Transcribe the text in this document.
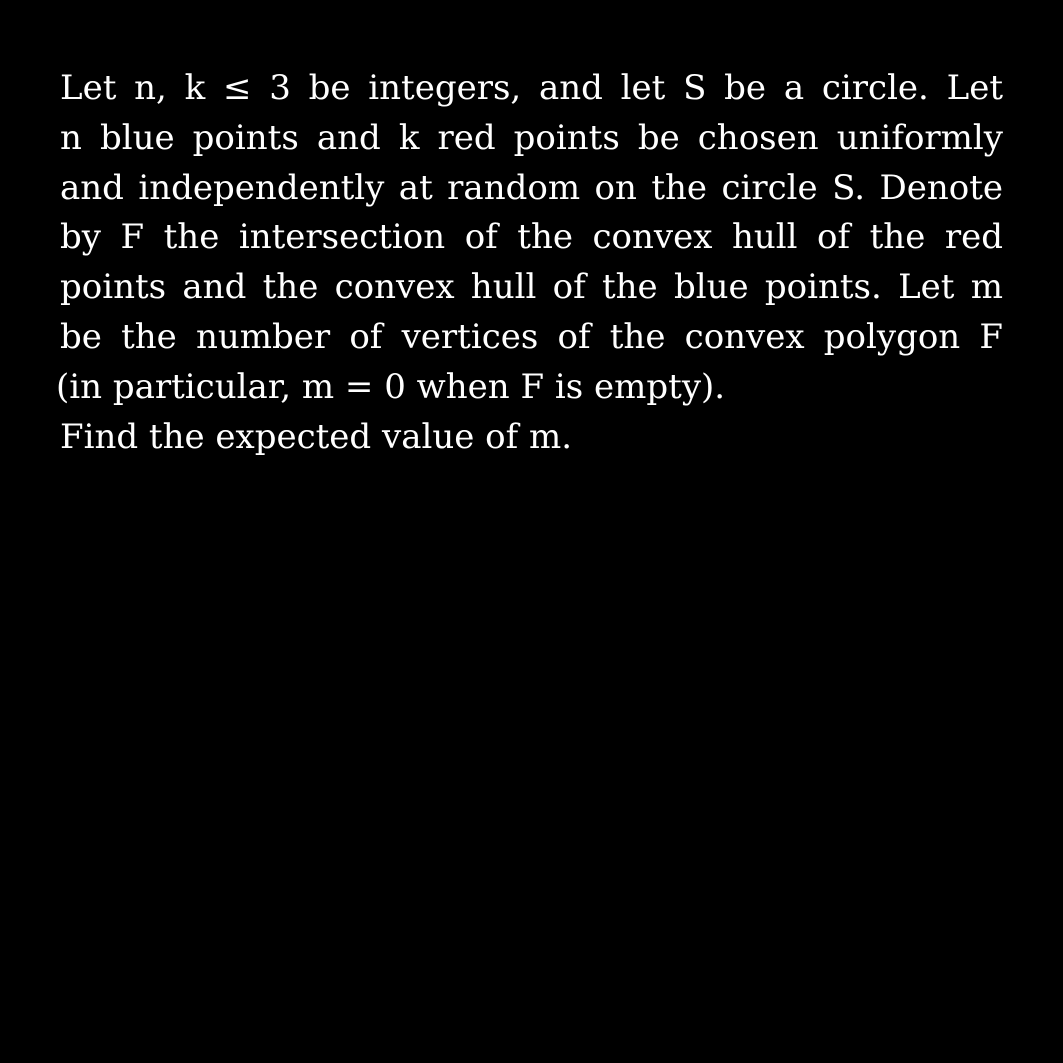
Let n, k ≤ 3 be integers, and let S be a circle. Let
n blue points and k red points be chosen uniformly
and independently at random on the circle S. Denote
by F the intersection of the convex hull of the red
points and the convex hull of the blue points. Let m
be the number of vertices of the convex polygon F
(in particular, m = 0 when F is empty).
Find the expected value of m.
